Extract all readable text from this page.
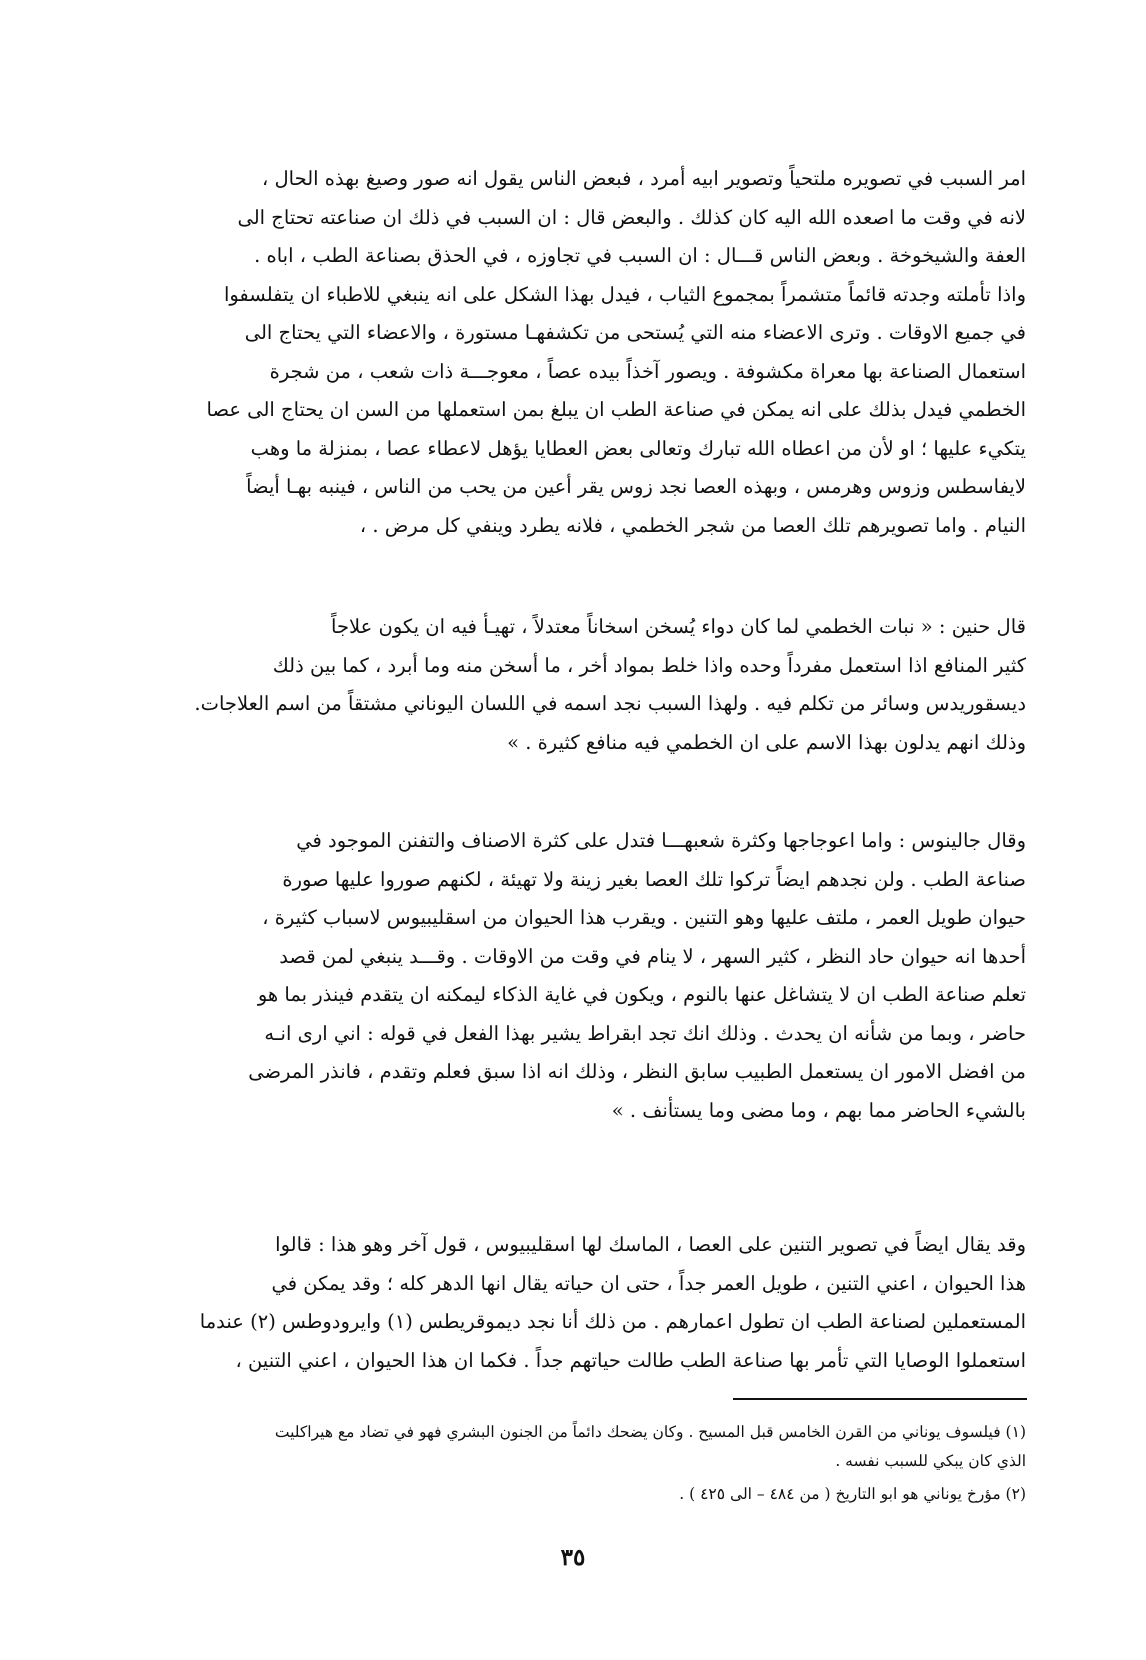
امر السبب في تصويره ملتحياً وتصوير ابيه أمرد ، فبعض الناس يقول انه صور وصيغ بهذه الحال ،
لانه في وقت ما اصعده الله اليه كان كذلك . والبعض قال : ان السبب في ذلك ان صناعته تحتاج الى
العفة والشيخوخة . وبعض الناس قـــال : ان السبب في تجاوزه ، في الحذق بصناعة الطب ، اباه .
واذا تأملته وجدته قائماً متشمراً بمجموع الثياب ، فيدل بهذا الشكل على انه ينبغي للاطباء ان يتفلسفوا
في جميع الاوقات . وترى الاعضاء منه التي يُستحى من تكشفهـا مستورة ، والاعضاء التي يحتاج الى
استعمال الصناعة بها معراة مكشوفة . ويصور آخذاً بيده عصاً ، معوجـــة ذات شعب ، من شجرة
الخطمي فيدل بذلك على انه يمكن في صناعة الطب ان يبلغ بمن استعملها من السن ان يحتاج الى عصا
يتكيء عليها ؛ او لأن من اعطاه الله تبارك وتعالى بعض العطايا يؤهل لاعطاء عصا ، بمنزلة ما وهب
لايفاسطس وزوس وهرمس ، وبهذه العصا نجد زوس يقر أعين من يحب من الناس ، فينبه بهـا أيضاً
النيام . واما تصويرهم تلك العصا من شجر الخطمي ، فلانه يطرد وينفي كل مرض . ،
قال حنين : « نبات الخطمي لما كان دواء يُسخن اسخاناً معتدلاً ، تهيـأ فيه ان يكون علاجاً
كثير المنافع اذا استعمل مفرداً وحده واذا خلط بمواد أخر ، ما أسخن منه وما أبرد ، كما بين ذلك
ديسقوريدس وسائر من تكلم فيه . ولهذا السبب نجد اسمه في اللسان اليوناني مشتقاً من اسم العلاجات.
وذلك انهم يدلون بهذا الاسم على ان الخطمي فيه منافع كثيرة . »
وقال جالينوس : واما اعوجاجها وكثرة شعبهـــا فتدل على كثرة الاصناف والتفنن الموجود في
صناعة الطب . ولن نجدهم ايضاً تركوا تلك العصا بغير زينة ولا تهيئة ، لكنهم صوروا عليها صورة
حيوان طويل العمر ، ملتف عليها وهو التنين . ويقرب هذا الحيوان من اسقليبيوس لاسباب كثيرة ،
أحدها انه حيوان حاد النظر ، كثير السهر ، لا ينام في وقت من الاوقات . وقـــد ينبغي لمن قصد
تعلم صناعة الطب ان لا يتشاغل عنها بالنوم ، ويكون في غاية الذكاء ليمكنه ان يتقدم فينذر بما هو
حاضر ، وبما من شأنه ان يحدث . وذلك انك تجد ابقراط يشير بهذا الفعل في قوله : اني ارى انـه
من افضل الامور ان يستعمل الطبيب سابق النظر ، وذلك انه اذا سبق فعلم وتقدم ، فانذر المرضى
بالشيء الحاضر مما بهم ، وما مضى وما يستأنف . »
وقد يقال ايضاً في تصوير التنين على العصا ، الماسك لها اسقليبيوس ، قول آخر وهو هذا : قالوا
هذا الحيوان ، اعني التنين ، طويل العمر جداً ، حتى ان حياته يقال انها الدهر كله ؛ وقد يمكن في
المستعملين لصناعة الطب ان تطول اعمارهم . من ذلك أنا نجد ديموقريطس (١) وايرودوطس (٢) عندما
استعملوا الوصايا التي تأمر بها صناعة الطب طالت حياتهم جداً . فكما ان هذا الحيوان ، اعني التنين ،
(١) فيلسوف يوناني من القرن الخامس قبل المسيح . وكان يضحك دائماً من الجنون البشري فهو في تضاد مع هيراكليت
الذي كان يبكي للسبب نفسه .
(٢) مؤرخ يوناني هو ابو التاريخ ( من ٤٨٤ – الى ٤٢٥ ) .
٣٥
